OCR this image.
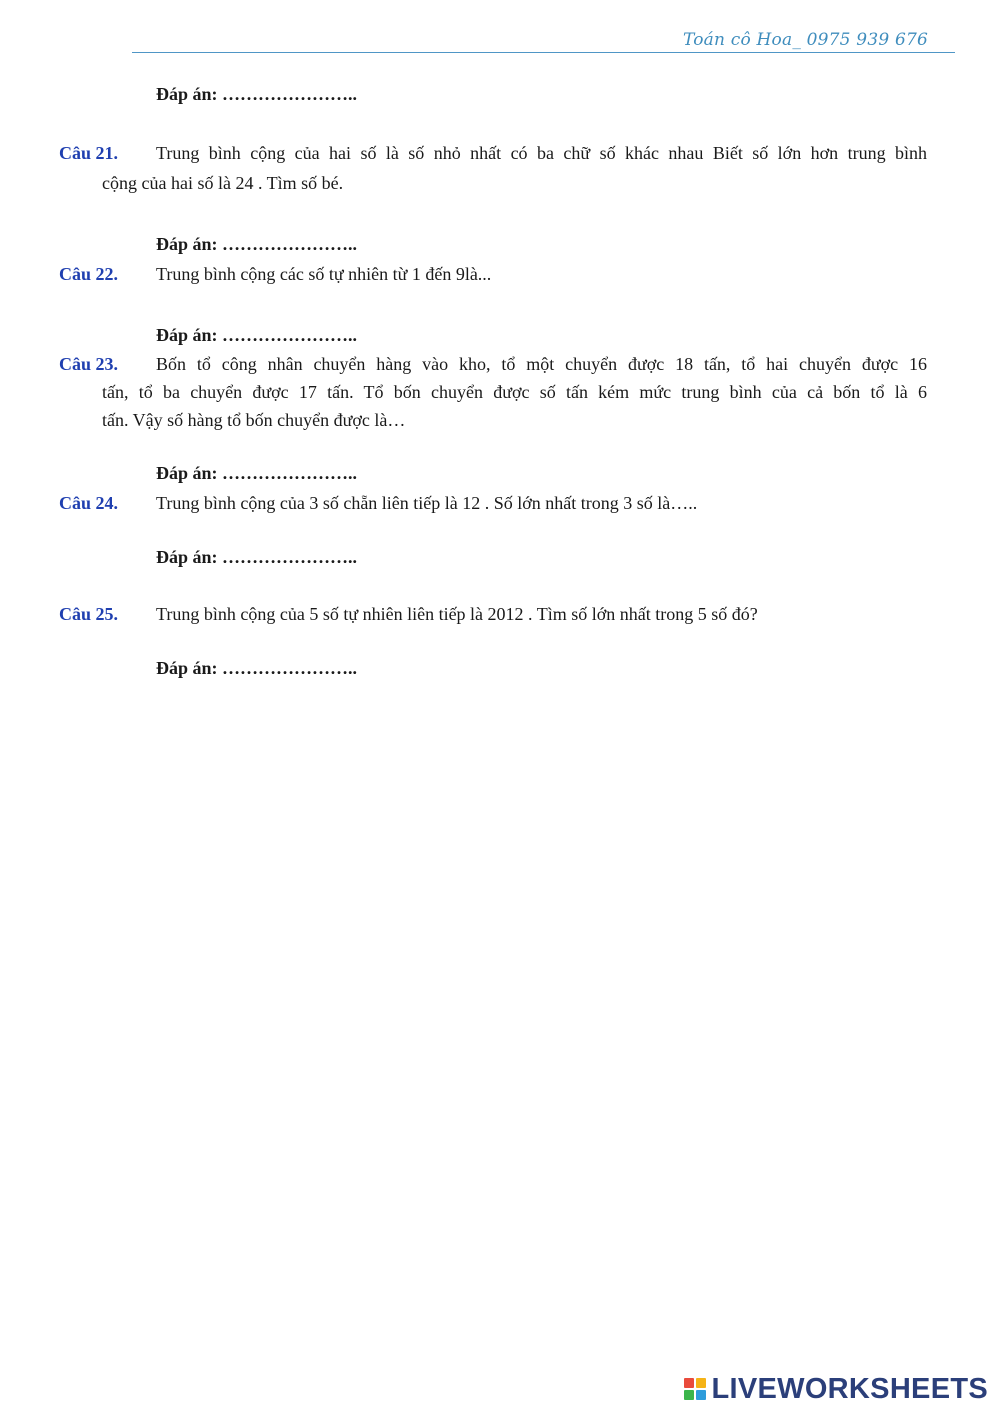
Toán cô Hoa_ 0975 939 676
Đáp án: …………………..
Câu 21. Trung bình cộng của hai số là số nhỏ nhất có ba chữ số khác nhau Biết số lớn hơn trung bình
cộng của hai số là 24 . Tìm số bé.
Đáp án: …………………..
Câu 22. Trung bình cộng các số tự nhiên từ 1 đến 9là...
Đáp án: …………………..
Câu 23. Bốn tổ công nhân chuyển hàng vào kho, tổ một chuyển được 18 tấn, tổ hai chuyển được 16
tấn, tổ ba chuyển được 17 tấn. Tổ bốn chuyển được số tấn kém mức trung bình của cả bốn tổ là 6
tấn. Vậy số hàng tổ bốn chuyển được là…
Đáp án: …………………..
Câu 24. Trung bình cộng của 3 số chẵn liên tiếp là 12 . Số lớn nhất trong 3 số là…..
Đáp án: …………………..
Câu 25. Trung bình cộng của 5 số tự nhiên liên tiếp là 2012 . Tìm số lớn nhất trong 5 số đó?
Đáp án: …………………..
LIVEWORKSHEETS
